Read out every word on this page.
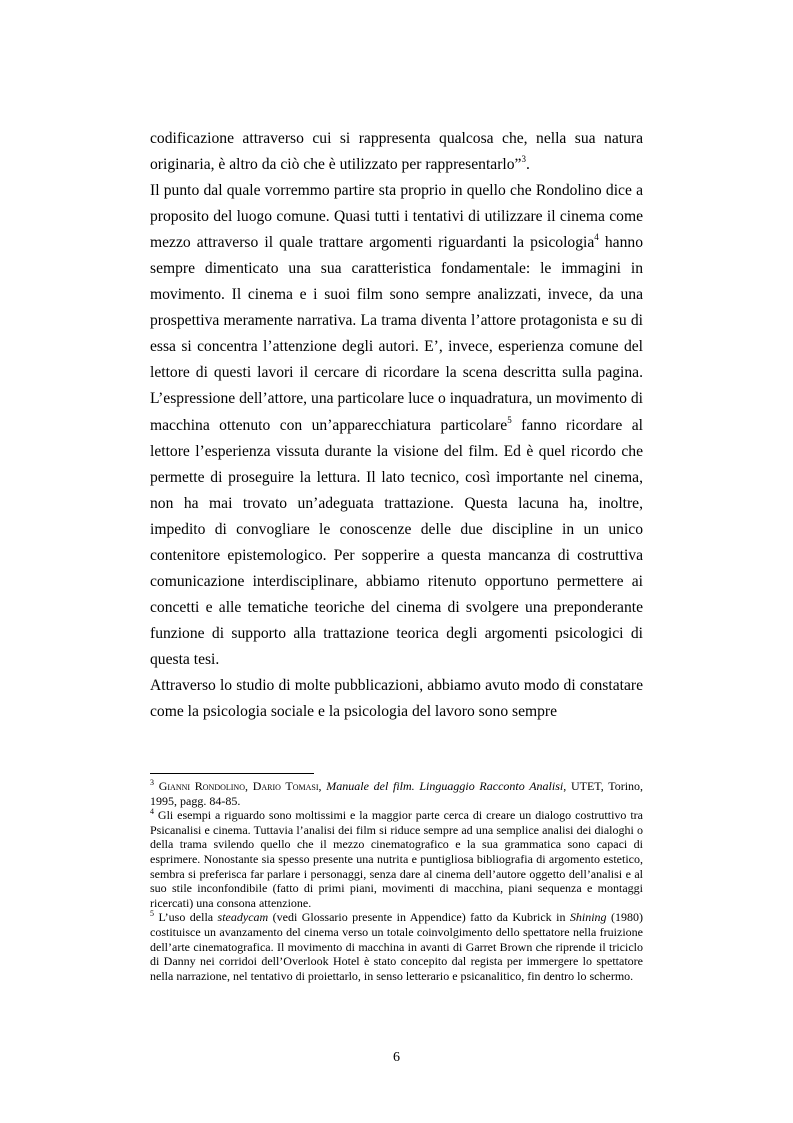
codificazione attraverso cui si rappresenta qualcosa che, nella sua natura originaria, è altro da ciò che è utilizzato per rappresentarlo”$^3$.

Il punto dal quale vorremmo partire sta proprio in quello che Rondolino dice a proposito del luogo comune. Quasi tutti i tentativi di utilizzare il cinema come mezzo attraverso il quale trattare argomenti riguardanti la psicologia$^4$ hanno sempre dimenticato una sua caratteristica fondamentale: le immagini in movimento. Il cinema e i suoi film sono sempre analizzati, invece, da una prospettiva meramente narrativa. La trama diventa l’attore protagonista e su di essa si concentra l’attenzione degli autori. E’, invece, esperienza comune del lettore di questi lavori il cercare di ricordare la scena descritta sulla pagina. L’espressione dell’attore, una particolare luce o inquadratura, un movimento di macchina ottenuto con un’apparecchiatura particolare$^5$ fanno ricordare al lettore l’esperienza vissuta durante la visione del film. Ed è quel ricordo che permette di proseguire la lettura. Il lato tecnico, così importante nel cinema, non ha mai trovato un’adeguata trattazione. Questa lacuna ha, inoltre, impedito di convogliare le conoscenze delle due discipline in un unico contenitore epistemologico. Per sopperire a questa mancanza di costruttiva comunicazione interdisciplinare, abbiamo ritenuto opportuno permettere ai concetti e alle tematiche teoriche del cinema di svolgere una preponderante funzione di supporto alla trattazione teorica degli argomenti psicologici di questa tesi.

Attraverso lo studio di molte pubblicazioni, abbiamo avuto modo di constatare come la psicologia sociale e la psicologia del lavoro sono sempre

$^3$ Gianni Rondolino, Dario Tomasi, Manuale del film. Linguaggio Racconto Analisi, UTET, Torino, 1995, pagg. 84-85.

$^4$ Gli esempi a riguardo sono moltissimi e la maggior parte cerca di creare un dialogo costruttivo tra Psicanalisi e cinema. Tuttavia l’analisi dei film si riduce sempre ad una semplice analisi dei dialoghi o della trama svilendo quello che il mezzo cinematografico e la sua grammatica sono capaci di esprimere. Nonostante sia spesso presente una nutrita e puntigliosa bibliografia di argomento estetico, sembra si preferisca far parlare i personaggi, senza dare al cinema dell’autore oggetto dell’analisi e al suo stile inconfondibile (fatto di primi piani, movimenti di macchina, piani sequenza e montaggi ricercati) una consona attenzione.

$^5$ L’uso della steadycam (vedi Glossario presente in Appendice) fatto da Kubrick in Shining (1980) costituisce un avanzamento del cinema verso un totale coinvolgimento dello spettatore nella fruizione dell’arte cinematografica. Il movimento di macchina in avanti di Garret Brown che riprende il triciclo di Danny nei corridoi dell’Overlook Hotel è stato concepito dal regista per immergere lo spettatore nella narrazione, nel tentativo di proiettarlo, in senso letterario e psicanalitico, fin dentro lo schermo.

6
